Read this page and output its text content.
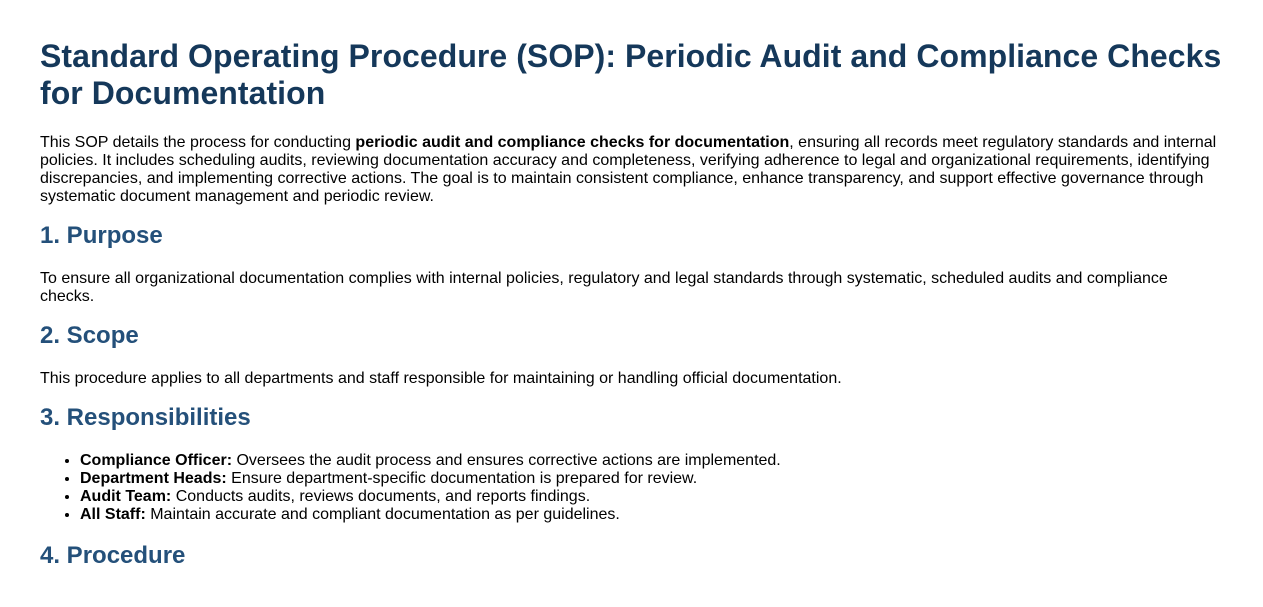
Standard Operating Procedure (SOP): Periodic Audit and Compliance Checks for Documentation

This SOP details the process for conducting periodic audit and compliance checks for documentation, ensuring all records meet regulatory standards and internal policies. It includes scheduling audits, reviewing documentation accuracy and completeness, verifying adherence to legal and organizational requirements, identifying discrepancies, and implementing corrective actions. The goal is to maintain consistent compliance, enhance transparency, and support effective governance through systematic document management and periodic review.

1. Purpose

To ensure all organizational documentation complies with internal policies, regulatory and legal standards through systematic, scheduled audits and compliance checks.

2. Scope

This procedure applies to all departments and staff responsible for maintaining or handling official documentation.

3. Responsibilities
• Compliance Officer: Oversees the audit process and ensures corrective actions are implemented.
• Department Heads: Ensure department-specific documentation is prepared for review.
• Audit Team: Conducts audits, reviews documents, and reports findings.
• All Staff: Maintain accurate and compliant documentation as per guidelines.
4. Procedure
